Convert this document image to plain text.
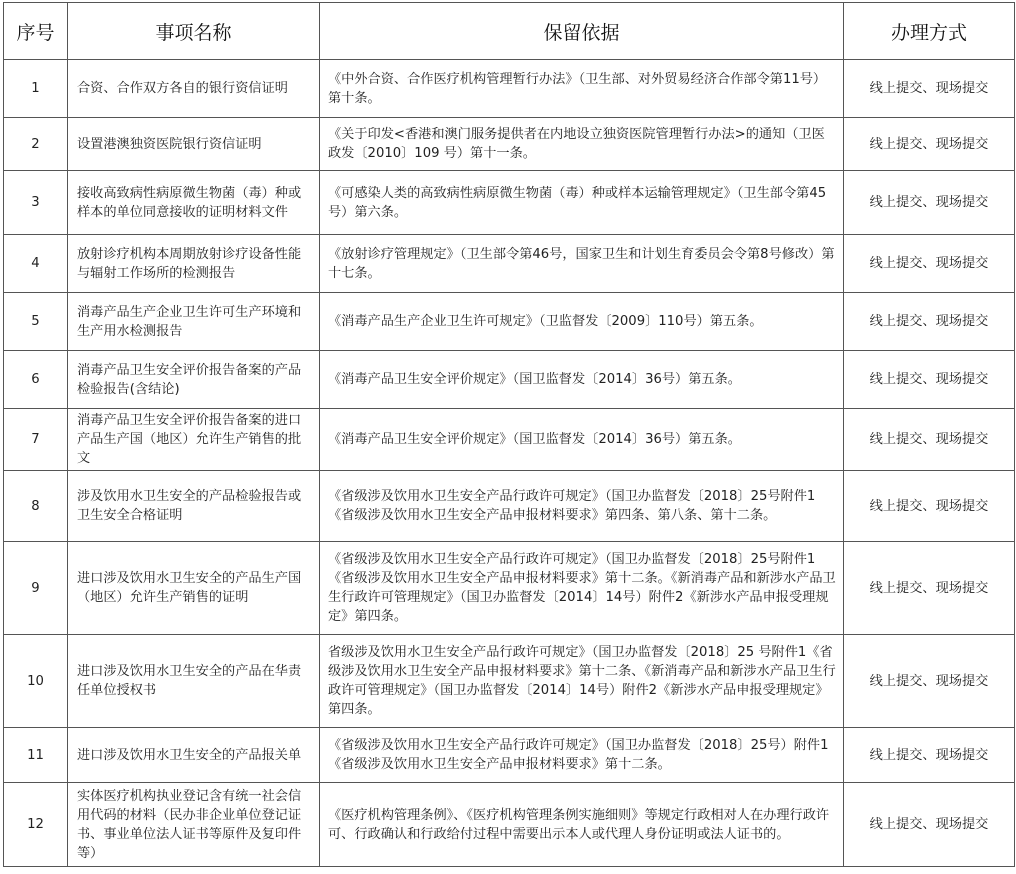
序号	事项名称	保留依据	办理方式
1	合资、合作双方各自的银行资信证明	《中外合资、合作医疗机构管理暂行办法》（卫生部、对外贸易经济合作部令第11号）第十条。	线上提交、现场提交
2	设置港澳独资医院银行资信证明	《关于印发<香港和澳门服务提供者在内地设立独资医院管理暂行办法>的通知（卫医政发〔2010〕109 号）第十一条。	线上提交、现场提交
3	接收高致病性病原微生物菌（毒）种或样本的单位同意接收的证明材料文件	《可感染人类的高致病性病原微生物菌（毒）种或样本运输管理规定》（卫生部令第45号）第六条。	线上提交、现场提交
4	放射诊疗机构本周期放射诊疗设备性能与辐射工作场所的检测报告	《放射诊疗管理规定》（卫生部令第46号，国家卫生和计划生育委员会令第8号修改）第十七条。	线上提交、现场提交
5	消毒产品生产企业卫生许可生产环境和生产用水检测报告	《消毒产品生产企业卫生许可规定》（卫监督发〔2009〕110号）第五条。	线上提交、现场提交
6	消毒产品卫生安全评价报告备案的产品检验报告(含结论)	《消毒产品卫生安全评价规定》（国卫监督发〔2014〕36号）第五条。	线上提交、现场提交
7	消毒产品卫生安全评价报告备案的进口产品生产国（地区）允许生产销售的批文	《消毒产品卫生安全评价规定》（国卫监督发〔2014〕36号）第五条。	线上提交、现场提交
8	涉及饮用水卫生安全的产品检验报告或卫生安全合格证明	《省级涉及饮用水卫生安全产品行政许可规定》（国卫办监督发〔2018〕25号附件1《省级涉及饮用水卫生安全产品申报材料要求》第四条、第八条、第十二条。	线上提交、现场提交
9	进口涉及饮用水卫生安全的产品生产国（地区）允许生产销售的证明	《省级涉及饮用水卫生安全产品行政许可规定》（国卫办监督发〔2018〕25号附件1《省级涉及饮用水卫生安全产品申报材料要求》第十二条。《新消毒产品和新涉水产品卫生行政许可管理规定》（国卫办监督发〔2014〕14号）附件2《新涉水产品申报受理规定》第四条。	线上提交、现场提交
10	进口涉及饮用水卫生安全的产品在华责任单位授权书	省级涉及饮用水卫生安全产品行政许可规定》（国卫办监督发〔2018〕25 号附件1《省级涉及饮用水卫生安全产品申报材料要求》第十二条、《新消毒产品和新涉水产品卫生行政许可管理规定》（国卫办监督发〔2014〕14号）附件2《新涉水产品申报受理规定》第四条。	线上提交、现场提交
11	进口涉及饮用水卫生安全的产品报关单	《省级涉及饮用水卫生安全产品行政许可规定》（国卫办监督发〔2018〕25号）附件1《省级涉及饮用水卫生安全产品申报材料要求》第十二条。	线上提交、现场提交
12	实体医疗机构执业登记含有统一社会信用代码的材料（民办非企业单位登记证书、事业单位法人证书等原件及复印件等）	《医疗机构管理条例》、《医疗机构管理条例实施细则》等规定行政相对人在办理行政许可、行政确认和行政给付过程中需要出示本人或代理人身份证明或法人证书的。	线上提交、现场提交
